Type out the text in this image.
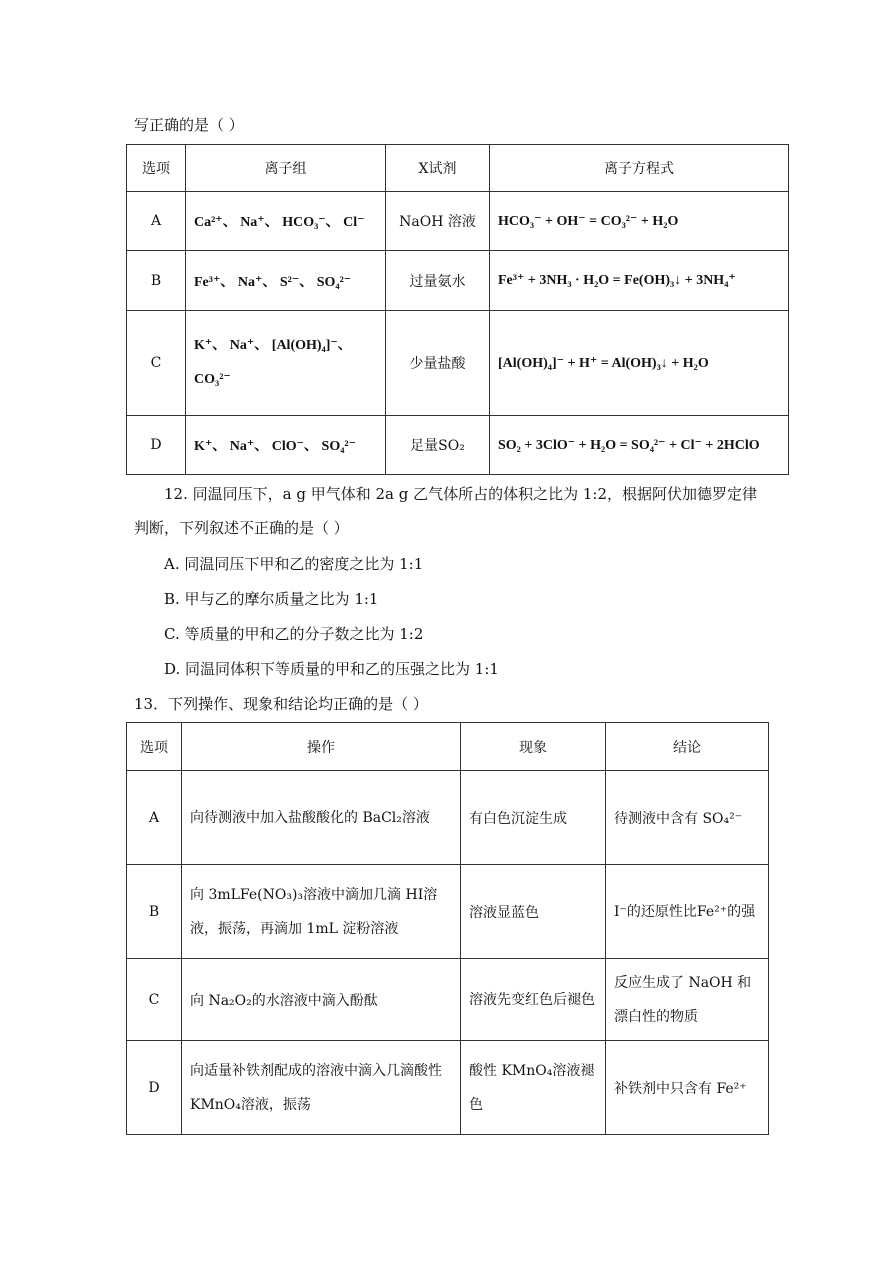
写正确的是（ ）
选项	离子组	X试剂	离子方程式
A	Ca²⁺、 Na⁺、 HCO₃⁻、 Cl⁻	NaOH 溶液	HCO₃⁻ + OH⁻ = CO₃²⁻ + H₂O
B	Fe³⁺、 Na⁺、 S²⁻、 SO₄²⁻	过量氨水	Fe³⁺ + 3NH₃ · H₂O = Fe(OH)₃↓ + 3NH₄⁺
C	K⁺、 Na⁺、 [Al(OH)₄]⁻、 CO₃²⁻	少量盐酸	[Al(OH)₄]⁻ + H⁺ = Al(OH)₃↓ + H₂O
D	K⁺、 Na⁺、 ClO⁻、 SO₄²⁻	足量SO₂	SO₂ + 3ClO⁻ + H₂O = SO₄²⁻ + Cl⁻ + 2HClO
12. 同温同压下，a g 甲气体和 2a g 乙气体所占的体积之比为 1:2，根据阿伏加德罗定律
判断，下列叙述不正确的是（ ）
A. 同温同压下甲和乙的密度之比为 1:1
B. 甲与乙的摩尔质量之比为 1:1
C. 等质量的甲和乙的分子数之比为 1:2
D. 同温同体积下等质量的甲和乙的压强之比为 1:1
13．下列操作、现象和结论均正确的是（ ）
选项	操作	现象	结论
A	向待测液中加入盐酸酸化的 BaCl₂溶液	有白色沉淀生成	待测液中含有 SO₄²⁻
B	向 3mLFe(NO₃)₃溶液中滴加几滴 HI溶液，振荡，再滴加 1mL 淀粉溶液	溶液显蓝色	I⁻的还原性比Fe²⁺的强
C	向 Na₂O₂的水溶液中滴入酚酞	溶液先变红色后褪色	反应生成了 NaOH 和漂白性的物质
D	向适量补铁剂配成的溶液中滴入几滴酸性 KMnO₄溶液，振荡	酸性 KMnO₄溶液褪色	补铁剂中只含有 Fe²⁺
